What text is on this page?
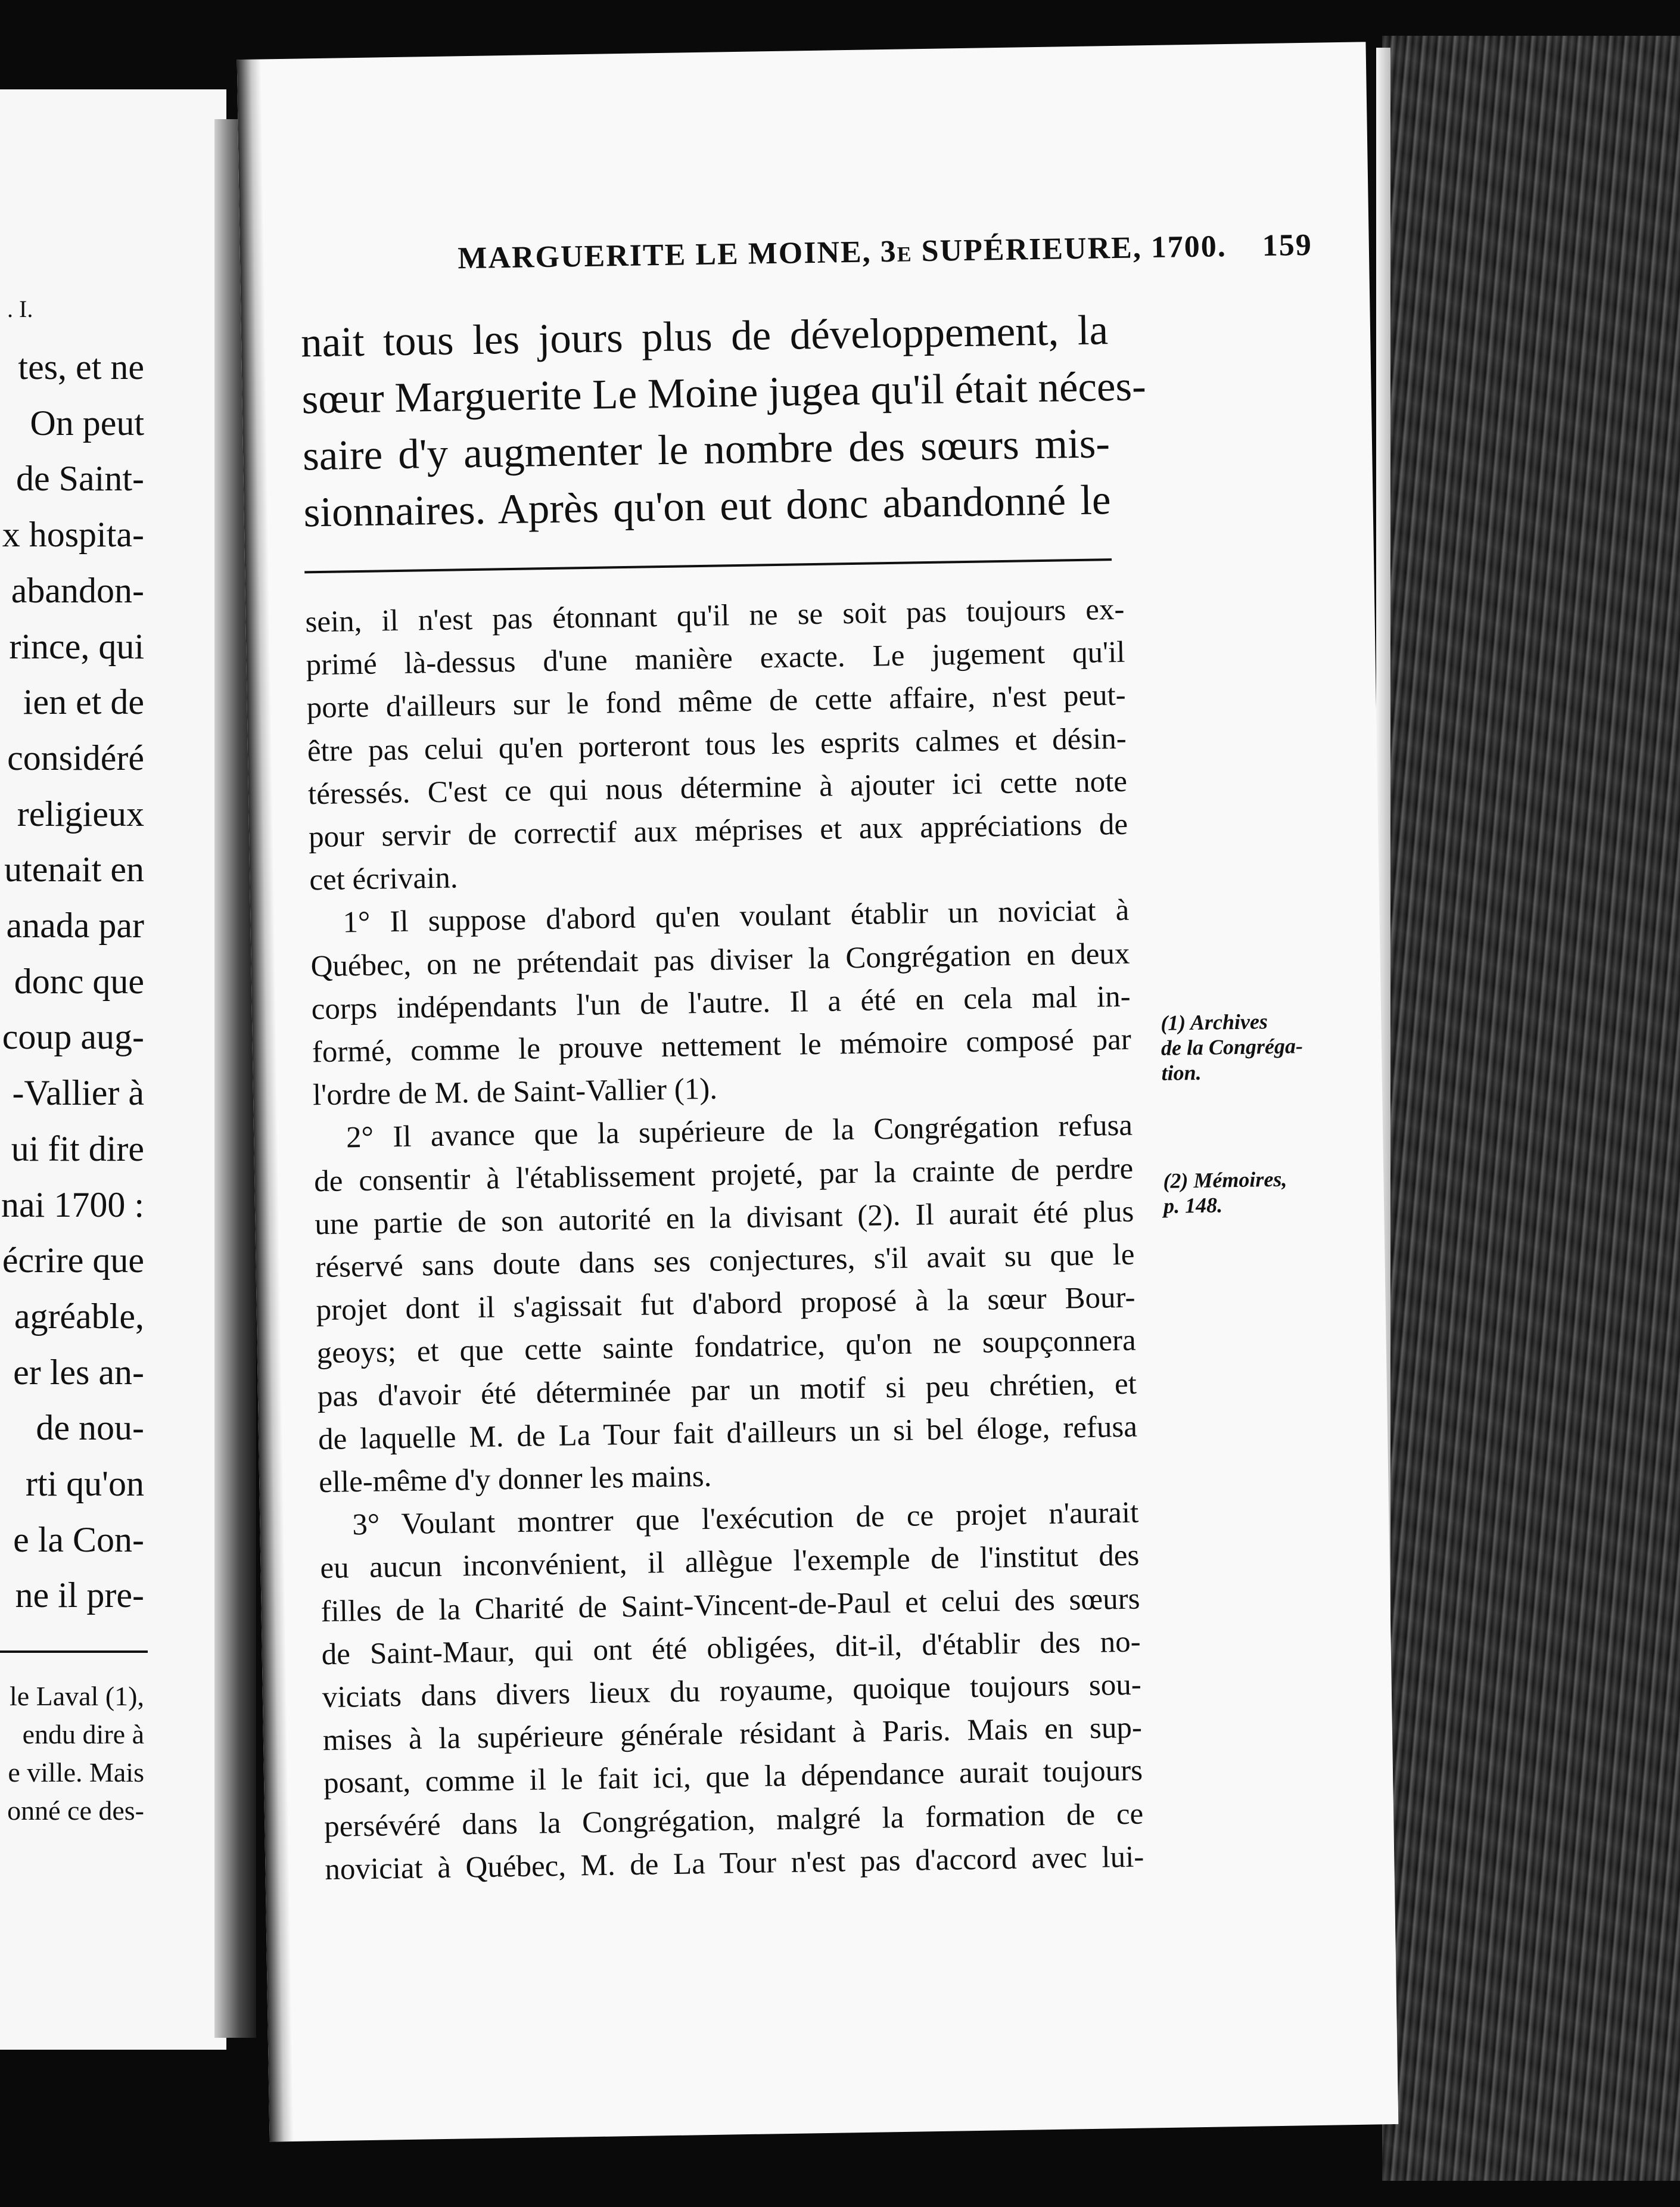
. I.
tes, et ne
On peut
de Saint-
x hospita-
abandon-
rince, qui
ien et de
considéré
religieux
utenait en
anada par
donc que
coup aug-
-Vallier à
ui fit dire
nai 1700 :
écrire que
agréable,
er les an-
de nou-
rti qu'on
e la Con-
ne il pre-
le Laval (1),
endu dire à
e ville. Mais
onné ce des-
MARGUERITE LE MOINE, 3e SUPÉRIEURE, 1700. 159
nait tous les jours plus de développement, la
sœur Marguerite Le Moine jugea qu'il était néces-
saire d'y augmenter le nombre des sœurs mis-
sionnaires. Après qu'on eut donc abandonné le
sein, il n'est pas étonnant qu'il ne se soit pas toujours ex-
primé là-dessus d'une manière exacte. Le jugement qu'il
porte d'ailleurs sur le fond même de cette affaire, n'est peut-
être pas celui qu'en porteront tous les esprits calmes et désin-
téressés. C'est ce qui nous détermine à ajouter ici cette note
pour servir de correctif aux méprises et aux appréciations de
cet écrivain.
1° Il suppose d'abord qu'en voulant établir un noviciat à
Québec, on ne prétendait pas diviser la Congrégation en deux
corps indépendants l'un de l'autre. Il a été en cela mal in-
formé, comme le prouve nettement le mémoire composé par
l'ordre de M. de Saint-Vallier (1).
2° Il avance que la supérieure de la Congrégation refusa
de consentir à l'établissement projeté, par la crainte de perdre
une partie de son autorité en la divisant (2). Il aurait été plus
réservé sans doute dans ses conjectures, s'il avait su que le
projet dont il s'agissait fut d'abord proposé à la sœur Bour-
geoys; et que cette sainte fondatrice, qu'on ne soupçonnera
pas d'avoir été déterminée par un motif si peu chrétien, et
de laquelle M. de La Tour fait d'ailleurs un si bel éloge, refusa
elle-même d'y donner les mains.
3° Voulant montrer que l'exécution de ce projet n'aurait
eu aucun inconvénient, il allègue l'exemple de l'institut des
filles de la Charité de Saint-Vincent-de-Paul et celui des sœurs
de Saint-Maur, qui ont été obligées, dit-il, d'établir des no-
viciats dans divers lieux du royaume, quoique toujours sou-
mises à la supérieure générale résidant à Paris. Mais en sup-
posant, comme il le fait ici, que la dépendance aurait toujours
persévéré dans la Congrégation, malgré la formation de ce
noviciat à Québec, M. de La Tour n'est pas d'accord avec lui-
(1) Archives
de la Congréga-
tion.
(2) Mémoires,
p. 148.
